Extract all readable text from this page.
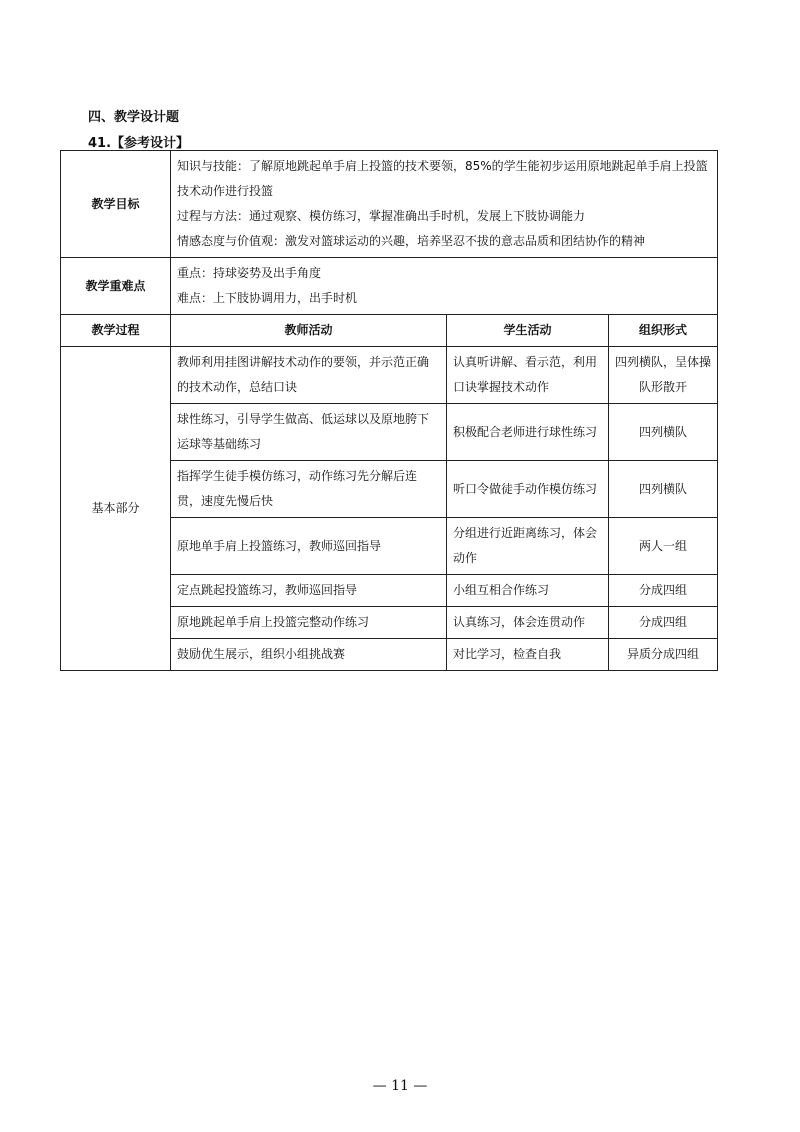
四、教学设计题
41.【参考设计】
教学目标	知识与技能：了解原地跳起单手肩上投篮的技术要领，85%的学生能初步运用原地跳起单手肩上投篮技术动作进行投篮
过程与方法：通过观察、模仿练习，掌握准确出手时机，发展上下肢协调能力
情感态度与价值观：激发对篮球运动的兴趣，培养坚忍不拔的意志品质和团结协作的精神		

教学重难点	重点：持球姿势及出手角度
难点：上下肢协调用力，出手时机		

教学过程	教师活动	学生活动	组织形式
基本部分	教师利用挂图讲解技术动作的要领，并示范正确的技术动作，总结口诀	认真听讲解、看示范，利用口诀掌握技术动作	四列横队，呈体操队形散开
	球性练习，引导学生做高、低运球以及原地胯下运球等基础练习	积极配合老师进行球性练习	四列横队
	指挥学生徒手模仿练习，动作练习先分解后连贯，速度先慢后快	听口令做徒手动作模仿练习	四列横队
	原地单手肩上投篮练习，教师巡回指导	分组进行近距离练习，体会动作	两人一组
	定点跳起投篮练习，教师巡回指导	小组互相合作练习	分成四组
	原地跳起单手肩上投篮完整动作练习	认真练习，体会连贯动作	分成四组
	鼓励优生展示，组织小组挑战赛	对比学习，检查自我	异质分成四组
— 11 —
